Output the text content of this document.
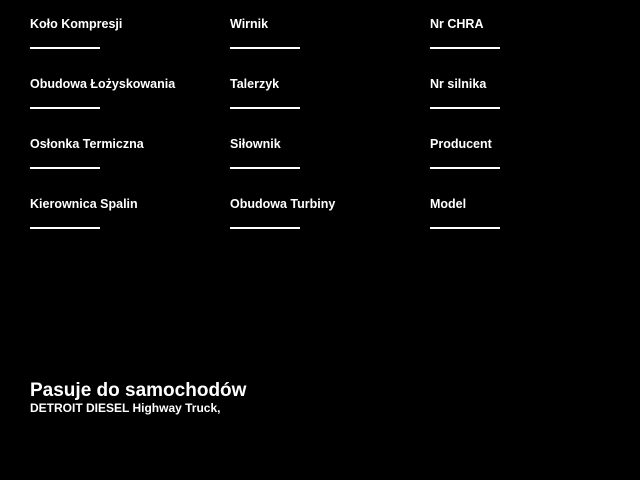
Koło Kompresji	Wirnik	Nr CHRA
Obudowa Łożyskowania	Talerzyk	Nr silnika
Osłonka Termiczna	Siłownik	Producent
Kierownica Spalin	Obudowa Turbiny	Model

Pasuje do samochodów

DETROIT DIESEL Highway Truck,
